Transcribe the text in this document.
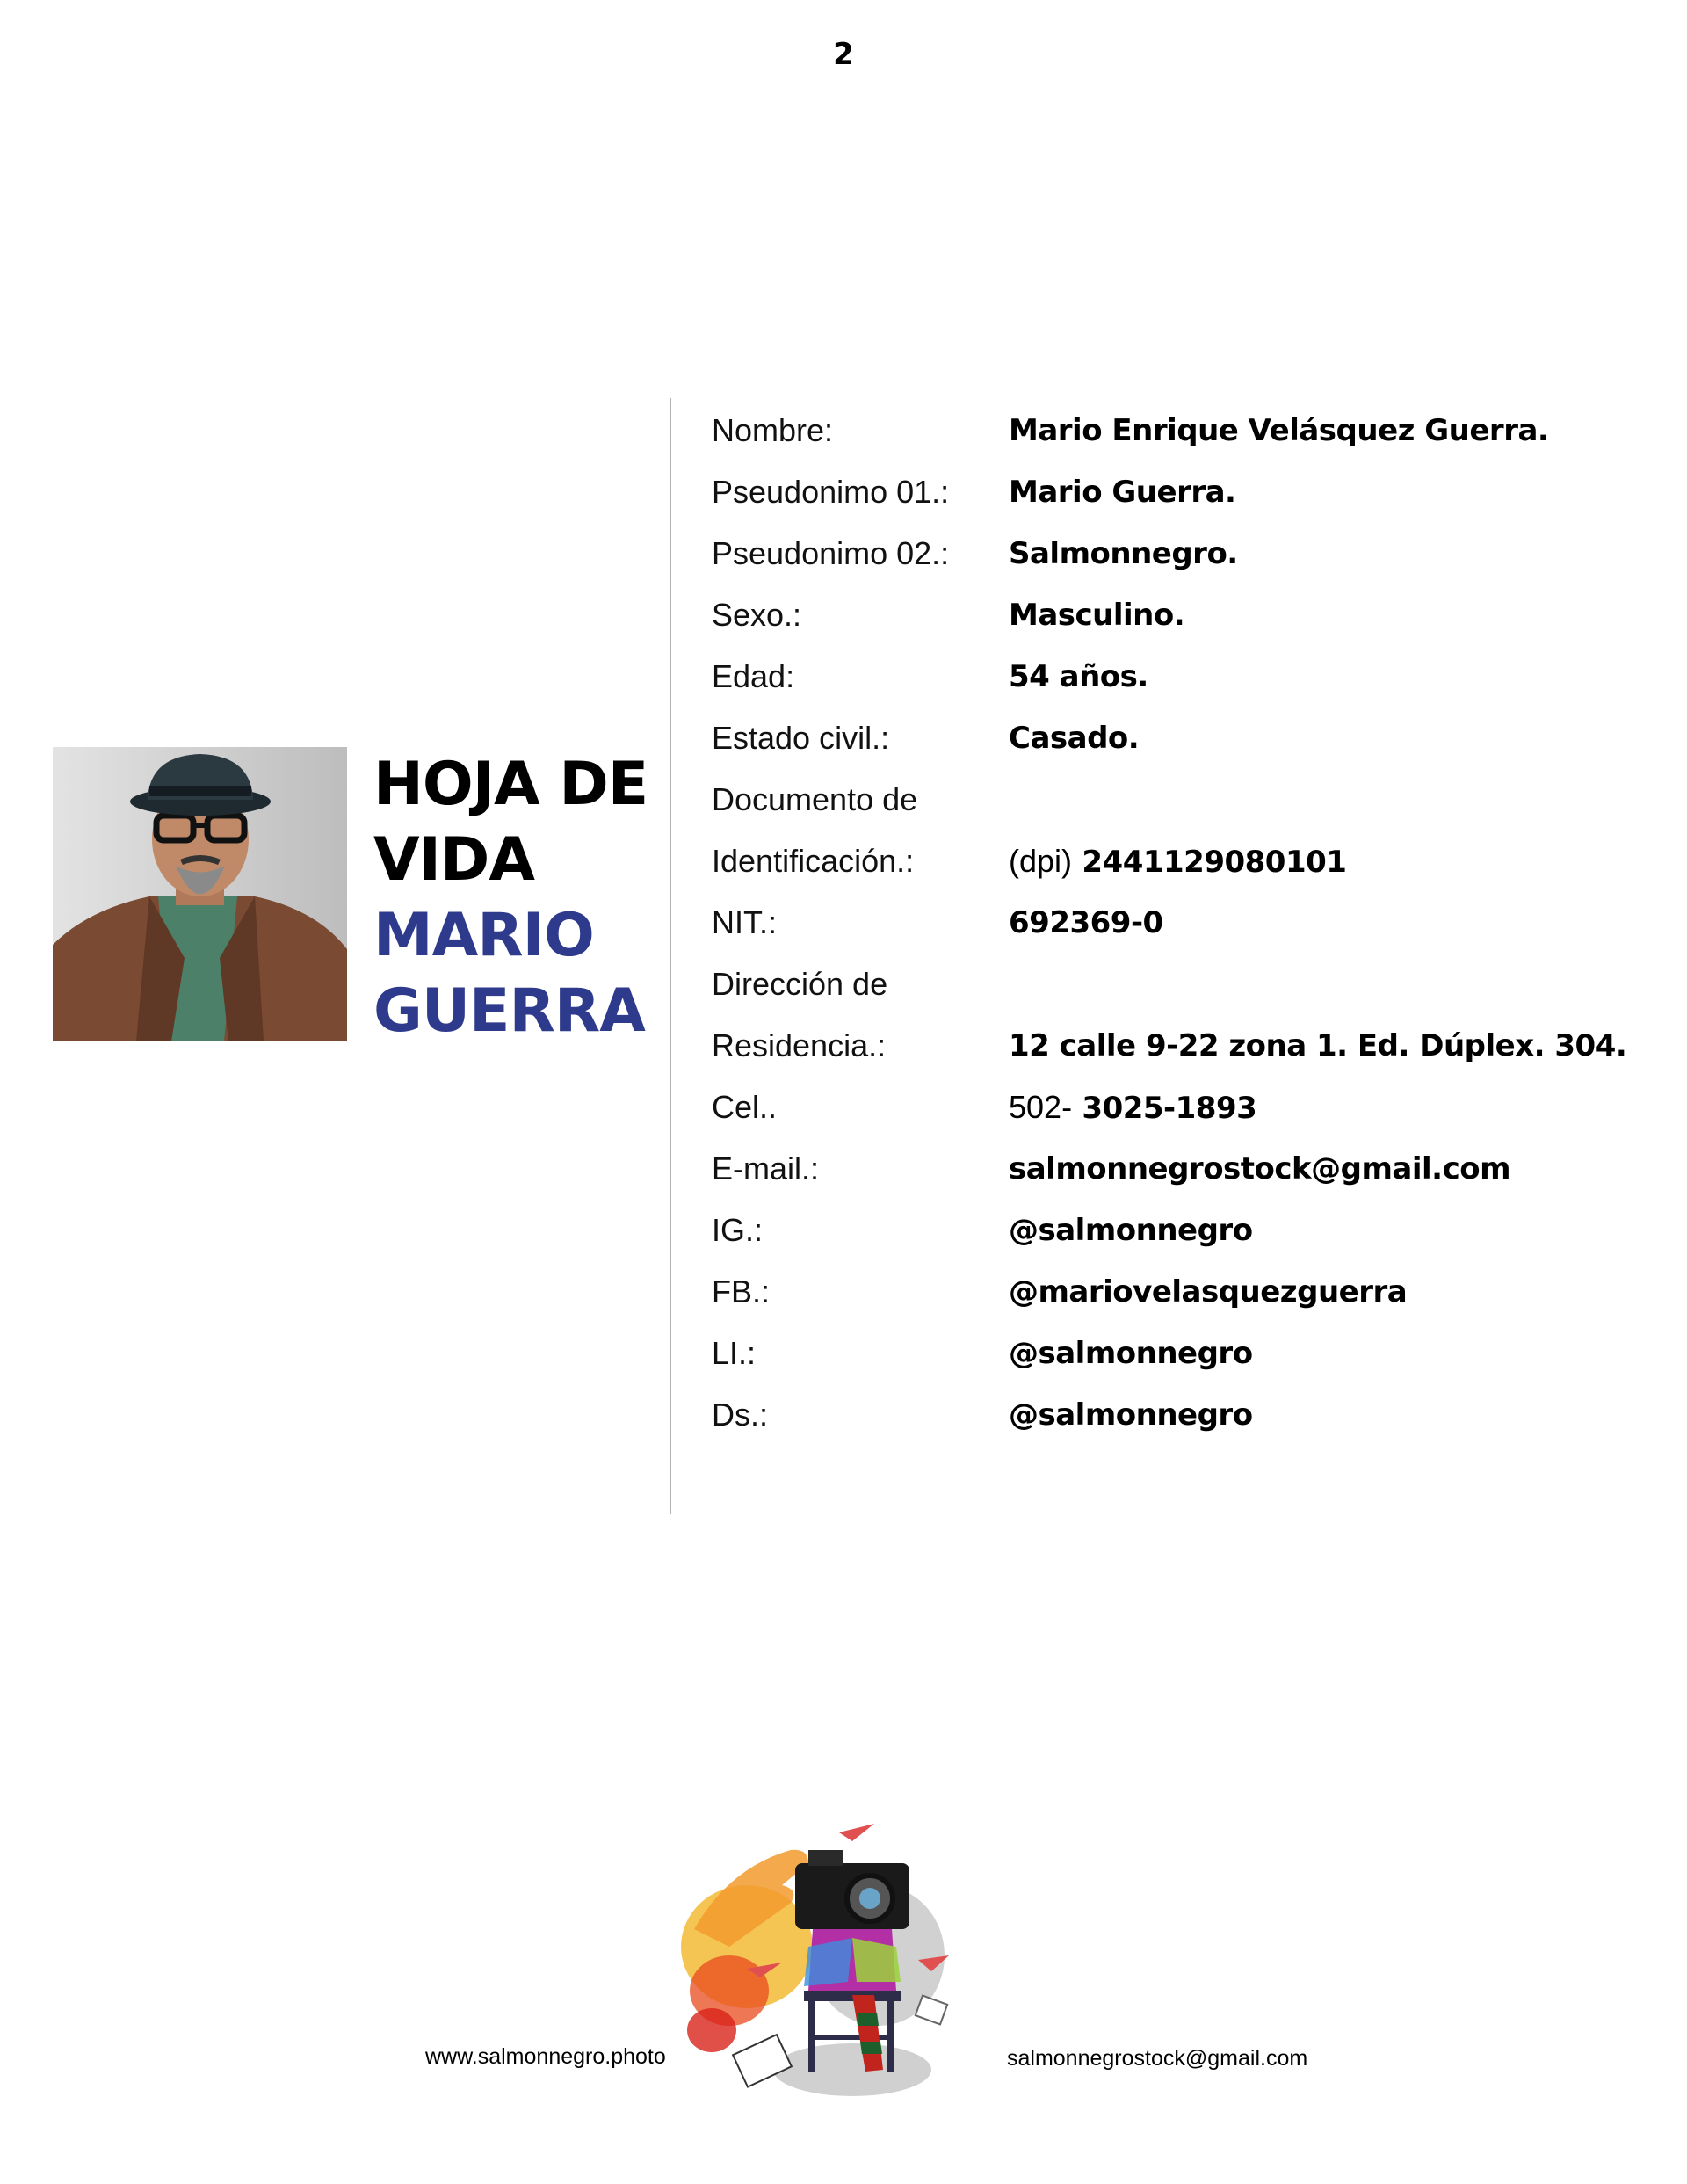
2
HOJA DE
VIDA
MARIO
GUERRA
Nombre:	Mario Enrique Velásquez Guerra.
Pseudonimo 01.:	Mario Guerra.
Pseudonimo 02.:	Salmonnegro.
Sexo.:	Masculino.
Edad:	54 años.
Estado civil.:	Casado.
Documento de
Identificación.:	(dpi) 2441129080101
NIT.:	692369-0
Dirección de
Residencia.:	12 calle 9-22 zona 1. Ed. Dúplex. 304.
Cel..	502- 3025-1893
E-mail.:	salmonnegrostock@gmail.com
IG.:	@salmonnegro
FB.:	@mariovelasquezguerra
LI.:	@salmonnegro
Ds.:	@salmonnegro
www.salmonnegro.photo	salmonnegrostock@gmail.com
